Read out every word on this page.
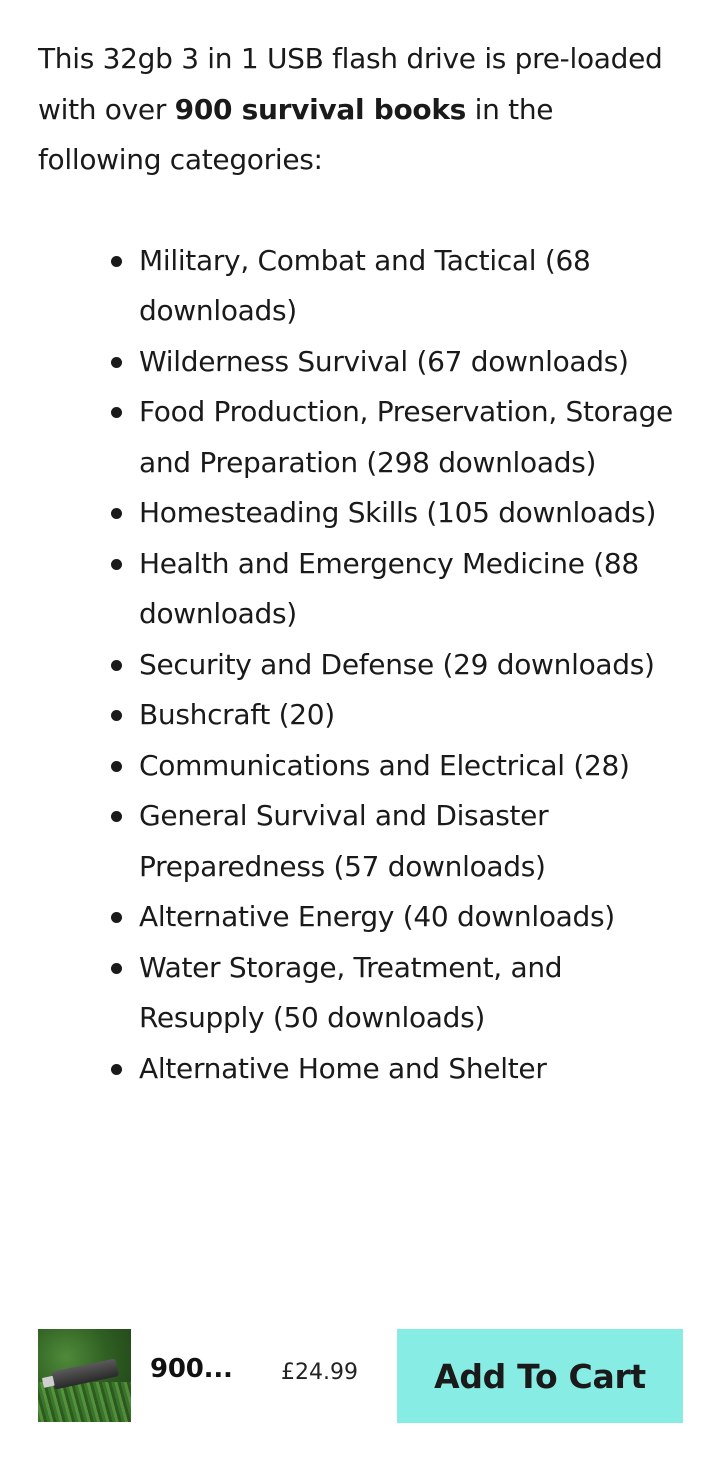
This 32gb 3 in 1 USB flash drive is pre-loaded with over 900 survival books in the following categories:

Military, Combat and Tactical (68 downloads)
Wilderness Survival (67 downloads)
Food Production, Preservation, Storage and Preparation (298 downloads)
Homesteading Skills (105 downloads)
Health and Emergency Medicine (88 downloads)
Security and Defense (29 downloads)
Bushcraft (20)
Communications and Electrical (28)
General Survival and Disaster Preparedness (57 downloads)
Alternative Energy (40 downloads)
Water Storage, Treatment, and Resupply (50 downloads)
Alternative Home and Shelter
900... £24.99	Add To Cart
